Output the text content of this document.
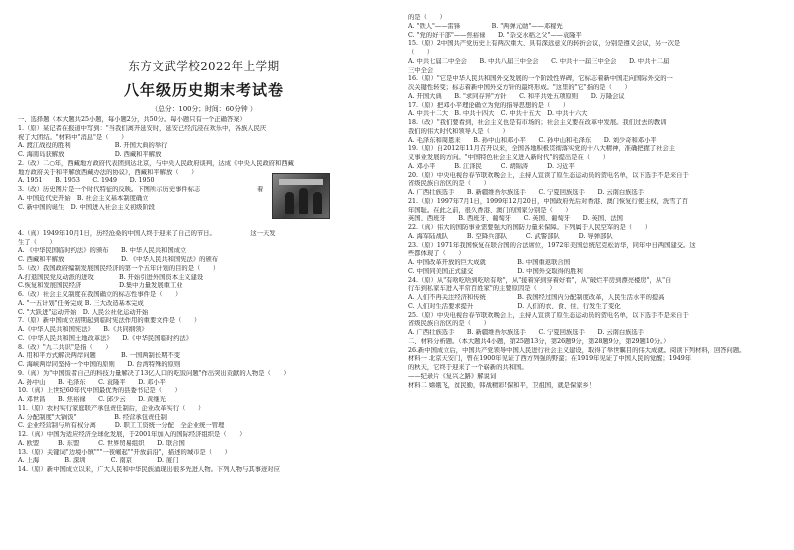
东方文武学校2022年上学期
八年级历史期末考试卷
（总分：100分；时间：60分钟 ）
一、选择题（本大题共25小题，每小题2分，共50分。每小题只有一个正确答案）
1.（原）某记者在报道中写到："当我们离开延安时，延安已经沉浸在欢乐中，各族人民庆
祝了大团结。"材料中"消息"是（　　）
A. 渡江战役的胜利　　　　　　　B. 开国大典的举行
C. 海南岛获解放　　　　　　　　D. 西藏和平解放
2.（改）二○年，西藏地方政府代表团到达北京，与中央人民政府谈判，达成《中央人民政府和西藏
地方政府关于和平解放西藏办法的协议》，西藏和平解放（　　）
A. 1951　　B. 1953　　C. 1949　　D. 1950
3.（改）历史图片是一个时代特征的反映。下图所示历史事件标志　　　　　　　　　着
A. 中国近代史开始　B. 社会主义基本制度确立
C. 新中国的诞生　D. 中国进入社会主义初级阶段

4.（真）1949年10月1日，历经沧桑的中国人终于迎来了自己的节日。　　　　　　这一天发
生了（　　）
A. 《中华民国临时约法》的颁布　　B. 中华人民共和国成立
C. 西藏和平解放　　　　　　　　　D. 《中华人民共和国宪法》的颁布
5.（改）我国政府编制发展国民经济的第一个五年计划的目的是（　　）
A.打退国民党反动派的进攻　　　　B. 开始引进外国资本主义建设
C.恢复和发展国民经济　　　　　　D.集中力量发展重工业
6.（改）社会主义制度在我国确立的标志性事件是（　　）
A. "一五计划"任务完成 B. 三大改造基本完成
C. "大跃进"运动开始　D. 人民公社化运动开始
7.（原）新中国成立初期起到临时宪法作用的重要文件是（　　）
A.《中华人民共和国宪法》　　B.《共同纲领》
C.《中华人民共和国土地改革法》　　D.《中华民国临时约法》
8.（改）"九二共识"是指（　　）
A. 用和平方式解决两岸问题　　　　B. 一国两制长期不变
C. 海峡两岸同坚持一个中国的原则　　D. 台湾特殊的原则
9.（真）为"中国饭者自己的科技力量解决了13亿人口的吃饭问题"作出突出贡献的人物是（　　）
A. 孙中山　　B. 毛泽东　　C. 袁隆平　　D. 邓小平
10.（真）上世纪60年代中国最优秀的县委书记是（　　）
A. 邓世昌　　B. 焦裕禄　　C. 邱少云　　D. 黄继光
11.（原）农村实行家庭联产承包责任制后，企业改革实行（　　）
A. 分配制度"大锅饭"　　　　　　B. 经营承包责任制
C. 企业经营制与所有权分离　　　D. 职工工资统一分配　全企业统一管理
12.（真）中国为适应经济全球化发展，于2001年加入的国际经济组织是（　　）
A. 欧盟　　　B. 东盟　　　C. 世界贸易组织　　D. 联合国
13.（原）关键词"边境小镇"""一夜崛起""开放前沿"，描述的城市是（　　）
A. 上海　　　　B. 深圳　　　　C. 南京　　　　D. 厦门
14.（原）新中国成立以来，广大人民和中华民族涌现出很多先进人物。下列人物与其事迹对应
的是（　　）
A. "铁人"——雷锋　　　　　B. "两弹元勋"——邓稼先
C. "党的好干部"——焦裕禄　　D. "杂交水稻之父"——袁隆平
15.（原）2中国共产党历史上有两次重大、具有深远意义的转折会议，分别是遵义会议，另一次是
（　　）
A. 中共七届二中全会　　B. 中共八届三中全会　　C. 中共十一届三中全会　　D. 中共十二届
三中全会
16.（原）"它是中华人民共和国外交发展的一个阶段性界碑，它标志着新中国走向国际外交的一
次关键性转变；标志着新中国外交方针的最终形成。"这里的"它"指的是（　　）
A. 开国大典　　B. "求同存异"方针　　C. 和平共处五项原则　　D. 万隆会议
17.（原）把邓小平理论确立为党的指导思想的是（　　）
A. 中共十二大　B. 中共十四大　C. 中共十五大　D. 中共十六大
18.（改）"我们要看到，社会主义也是有市场的；社会主义要在改革中发展。我们过去的教训
我们的伟大时代和领导人是（　　）
A. 毛泽东和周恩来　　B. 孙中山和邓小平　　C. 孙中山和毛泽东　　D. 刘少奇和邓小平
19.（原）自2012年11月召开以来，全国各地积极贯彻落实党的十八大精神，准确把握了社会主
义事业发展的方向。"中国特色社会主义进入新时代"的提出是在（　　）
A. 邓小平　　　B. 江泽民　　　C. 胡锦涛　　　D. 习近平
20.（原）中央电视台春节联欢晚会上，主持人宣读了原生态运动员的贺电名单，以下选手不是来自于
省级民族自治区的是（　　）
A. 广西壮族选手　　B. 新疆维吾尔族选手　　C. 宁夏回族选手　　D. 云南白族选手
21.（原）1997年7月1日，1999年12月20日，中国政府先后对香港、澳门恢复行使主权，洗雪了百
年国耻。在此之前，很久香港、澳门的国家分别是（　　）
英国、西班牙　　B. 西班牙、葡萄牙　　C. 英国、葡萄牙　　D. 英国、法国
22.（真）伟大的国防事业需要强大的国防力量来保障。下列属于人民空军的是（　　）
A. 海军陆战队　　　B. 空降兵部队　　　C. 武警部队　　　D. 导弹部队
23.（原）1971年我国恢复在联合国的合法席位，1972年美国总统尼克松访华，同年中日两国建交。这
些都体现了（　　）
A. 中国改革开放的巨大成就　　　　　B. 中国重返联合国
C. 中国同美国正式建交　　　　　　　D. 中国外交取得的胜利
24.（原）从"有啥吃啥到吃啥有啥"，从"接着穿到穿着好看"，从"破烂平房到漂亮楼房"，从"自
行车到私家车进入平常百姓家"的主要原因是（　　）
A. 人们不再关注经济和传统　　　　　B. 我国经过国内分配制度改革，人民生活水平的提高
C. 人们对生活要求提升　　　　　　　D. 人们的衣、食、住、行发生了变化
25.（原）中央电视台春节联欢晚会上，主持人宣读了原生态运动员的贺电名单，以下选手不是来自于
省级民族自治区的是（　　）
A. 广西壮族选手　　B. 新疆维吾尔族选手　　C. 宁夏回族选手　　D. 云南白族选手
二、材料分析题。（本大题共4小题，第25题13分，第26题9分，第28题9分，第29题10分。）
26.新中国成立后，中国共产党领导中国人民进行社会主义建设，取得了举世瞩目的伟大成就。阅读下列材料，回答问题。
材料一 北京天安门，曾在1900年见证了西方列强的野蛮；在1919年见证了中国人民的觉醒；1949年
的秋天，它终于迎来了一个崭新的共和国。
——纪录片《复兴之路》解说词
材料二 嫦娥飞，贫民勤，韩战精彩!保和平，卫祖国，就是保家乡！
